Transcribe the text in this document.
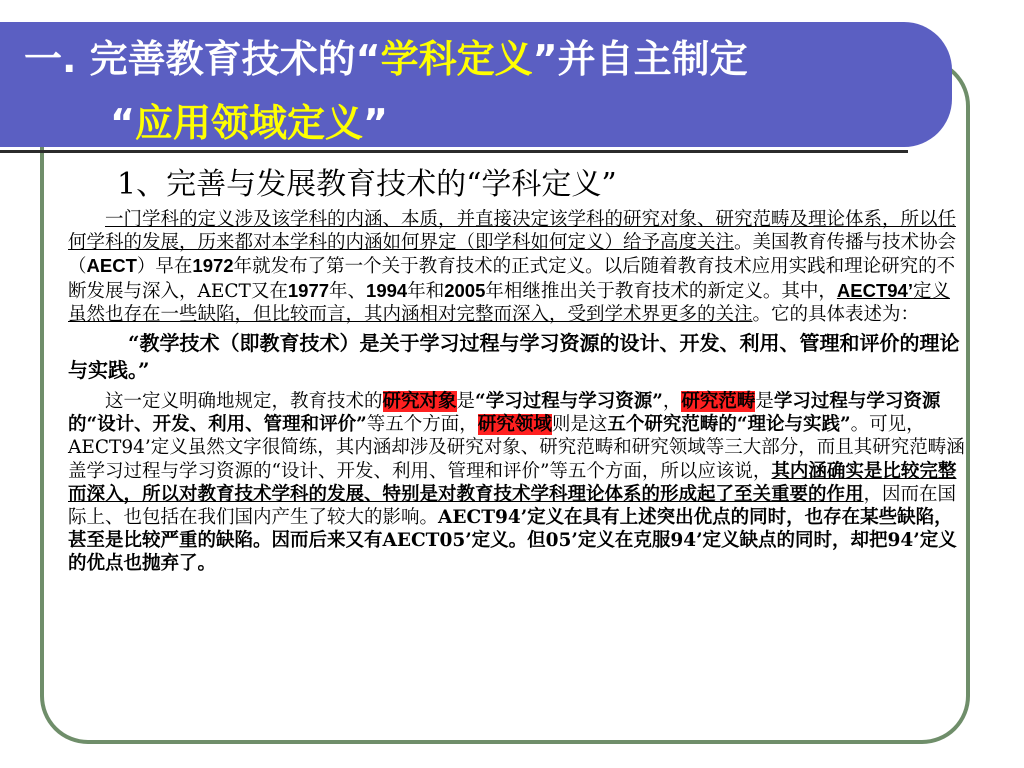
一. 完善教育技术的“学科定义”并自主制定
“应用领域定义”
1、完善与发展教育技术的“学科定义”

一门学科的定义涉及该学科的内涵、本质，并直接决定该学科的研究对象、研究范畴及理论体系，所以任何学科的发展，历来都对本学科的内涵如何界定（即学科如何定义）给予高度关注。美国教育传播与技术协会（AECT）早在1972年就发布了第一个关于教育技术的正式定义。以后随着教育技术应用实践和理论研究的不断发展与深入，AECT又在1977年、1994年和2005年相继推出关于教育技术的新定义。其中，AECT94’定义虽然也存在一些缺陷，但比较而言，其内涵相对完整而深入，受到学术界更多的关注。它的具体表述为：

“教学技术（即教育技术）是关于学习过程与学习资源的设计、开发、利用、管理和评价的理论与实践。”

这一定义明确地规定，教育技术的研究对象是“学习过程与学习资源”，研究范畴是学习过程与学习资源的“设计、开发、利用、管理和评价”等五个方面，研究领域则是这五个研究范畴的“理论与实践”。可见，AECT94’定义虽然文字很简练，其内涵却涉及研究对象、研究范畴和研究领域等三大部分，而且其研究范畴涵盖学习过程与学习资源的“设计、开发、利用、管理和评价”等五个方面，所以应该说，其内涵确实是比较完整而深入，所以对教育技术学科的发展、特别是对教育技术学科理论体系的形成起了至关重要的作用，因而在国际上、也包括在我们国内产生了较大的影响。AECT94’定义在具有上述突出优点的同时，也存在某些缺陷，甚至是比较严重的缺陷。因而后来又有AECT05’定义。但05’定义在克服94’定义缺点的同时，却把94’定义的优点也抛弃了。
